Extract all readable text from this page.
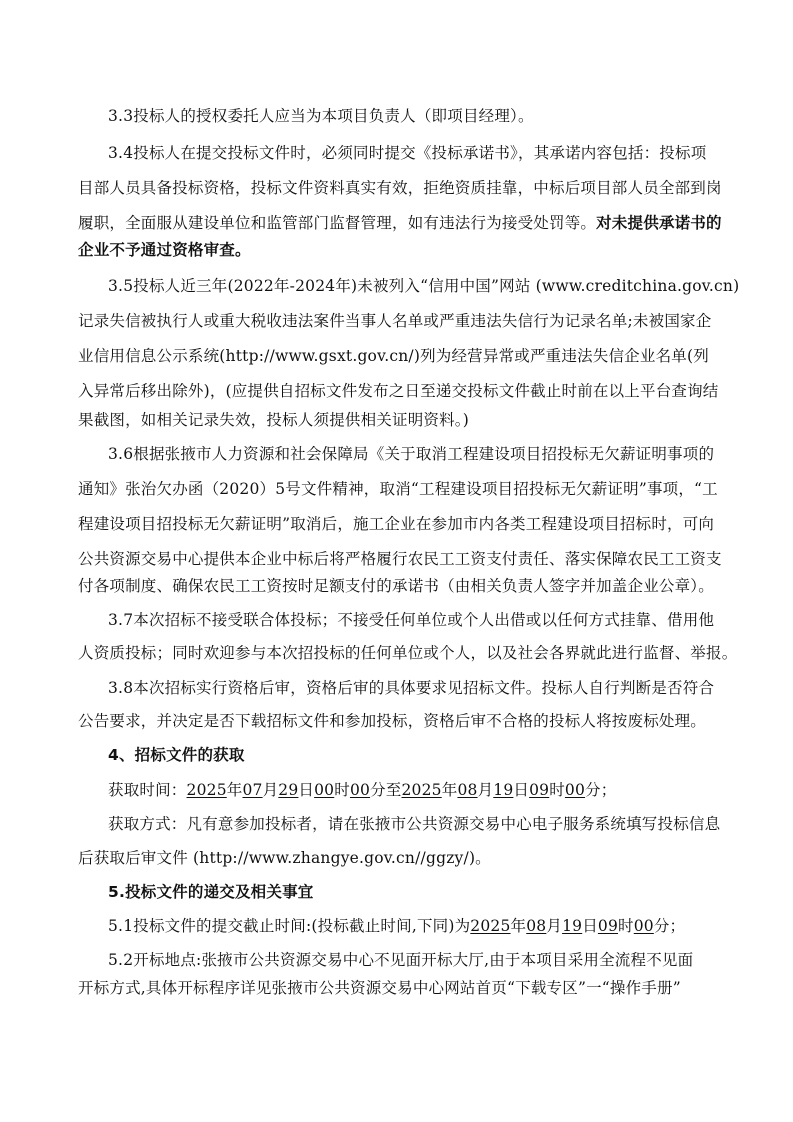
3.3投标人的授权委托人应当为本项目负责人（即项目经理）。
3.4投标人在提交投标文件时，必须同时提交《投标承诺书》，其承诺内容包括：投标项
目部人员具备投标资格，投标文件资料真实有效，拒绝资质挂靠，中标后项目部人员全部到岗
履职，全面服从建设单位和监管部门监督管理，如有违法行为接受处罚等。对未提供承诺书的
企业不予通过资格审查。
3.5投标人近三年(2022年-2024年)未被列入“信用中国”网站 (www.creditchina.gov.cn)
记录失信被执行人或重大税收违法案件当事人名单或严重违法失信行为记录名单;未被国家企
业信用信息公示系统(http://www.gsxt.gov.cn/)列为经营异常或严重违法失信企业名单(列
入异常后移出除外)，(应提供自招标文件发布之日至递交投标文件截止时前在以上平台查询结
果截图，如相关记录失效，投标人须提供相关证明资料。)
3.6根据张掖市人力资源和社会保障局《关于取消工程建设项目招投标无欠薪证明事项的
通知》张治欠办函（2020）5号文件精神，取消“工程建设项目招投标无欠薪证明”事项，“工
程建设项目招投标无欠薪证明”取消后，施工企业在参加市内各类工程建设项目招标时，可向
公共资源交易中心提供本企业中标后将严格履行农民工工资支付责任、落实保障农民工工资支
付各项制度、确保农民工工资按时足额支付的承诺书（由相关负责人签字并加盖企业公章）。
3.7本次招标不接受联合体投标；不接受任何单位或个人出借或以任何方式挂靠、借用他
人资质投标；同时欢迎参与本次招投标的任何单位或个人，以及社会各界就此进行监督、举报。
3.8本次招标实行资格后审，资格后审的具体要求见招标文件。投标人自行判断是否符合
公告要求，并决定是否下载招标文件和参加投标，资格后审不合格的投标人将按废标处理。
4、招标文件的获取
获取时间：2025年07月29日00时00分至2025年08月19日09时00分；
获取方式：凡有意参加投标者，请在张掖市公共资源交易中心电子服务系统填写投标信息
后获取后审文件 (http://www.zhangye.gov.cn//ggzy/)。
5.投标文件的递交及相关事宜
5.1投标文件的提交截止时间:(投标截止时间,下同)为2025年08月19日09时00分；
5.2开标地点:张掖市公共资源交易中心不见面开标大厅,由于本项目采用全流程不见面
开标方式,具体开标程序详见张掖市公共资源交易中心网站首页“下载专区”一“操作手册”
